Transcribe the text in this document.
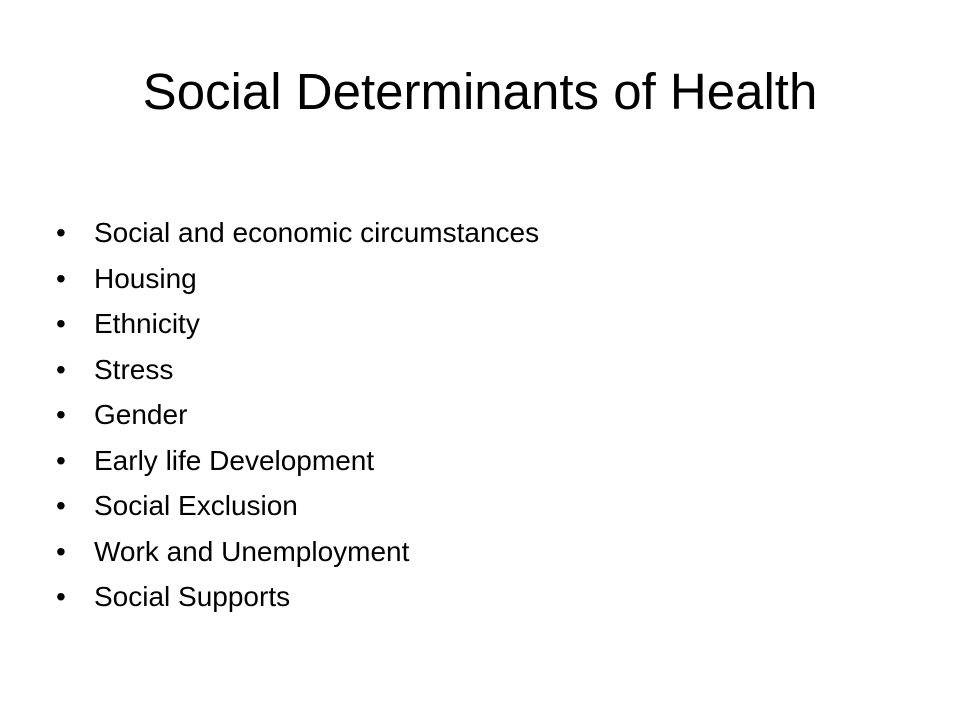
Social Determinants of Health
•	Social and economic circumstances
•	Housing
•	Ethnicity
•	Stress
•	Gender
•	Early life Development
•	Social Exclusion
•	Work and Unemployment
•	Social Supports
